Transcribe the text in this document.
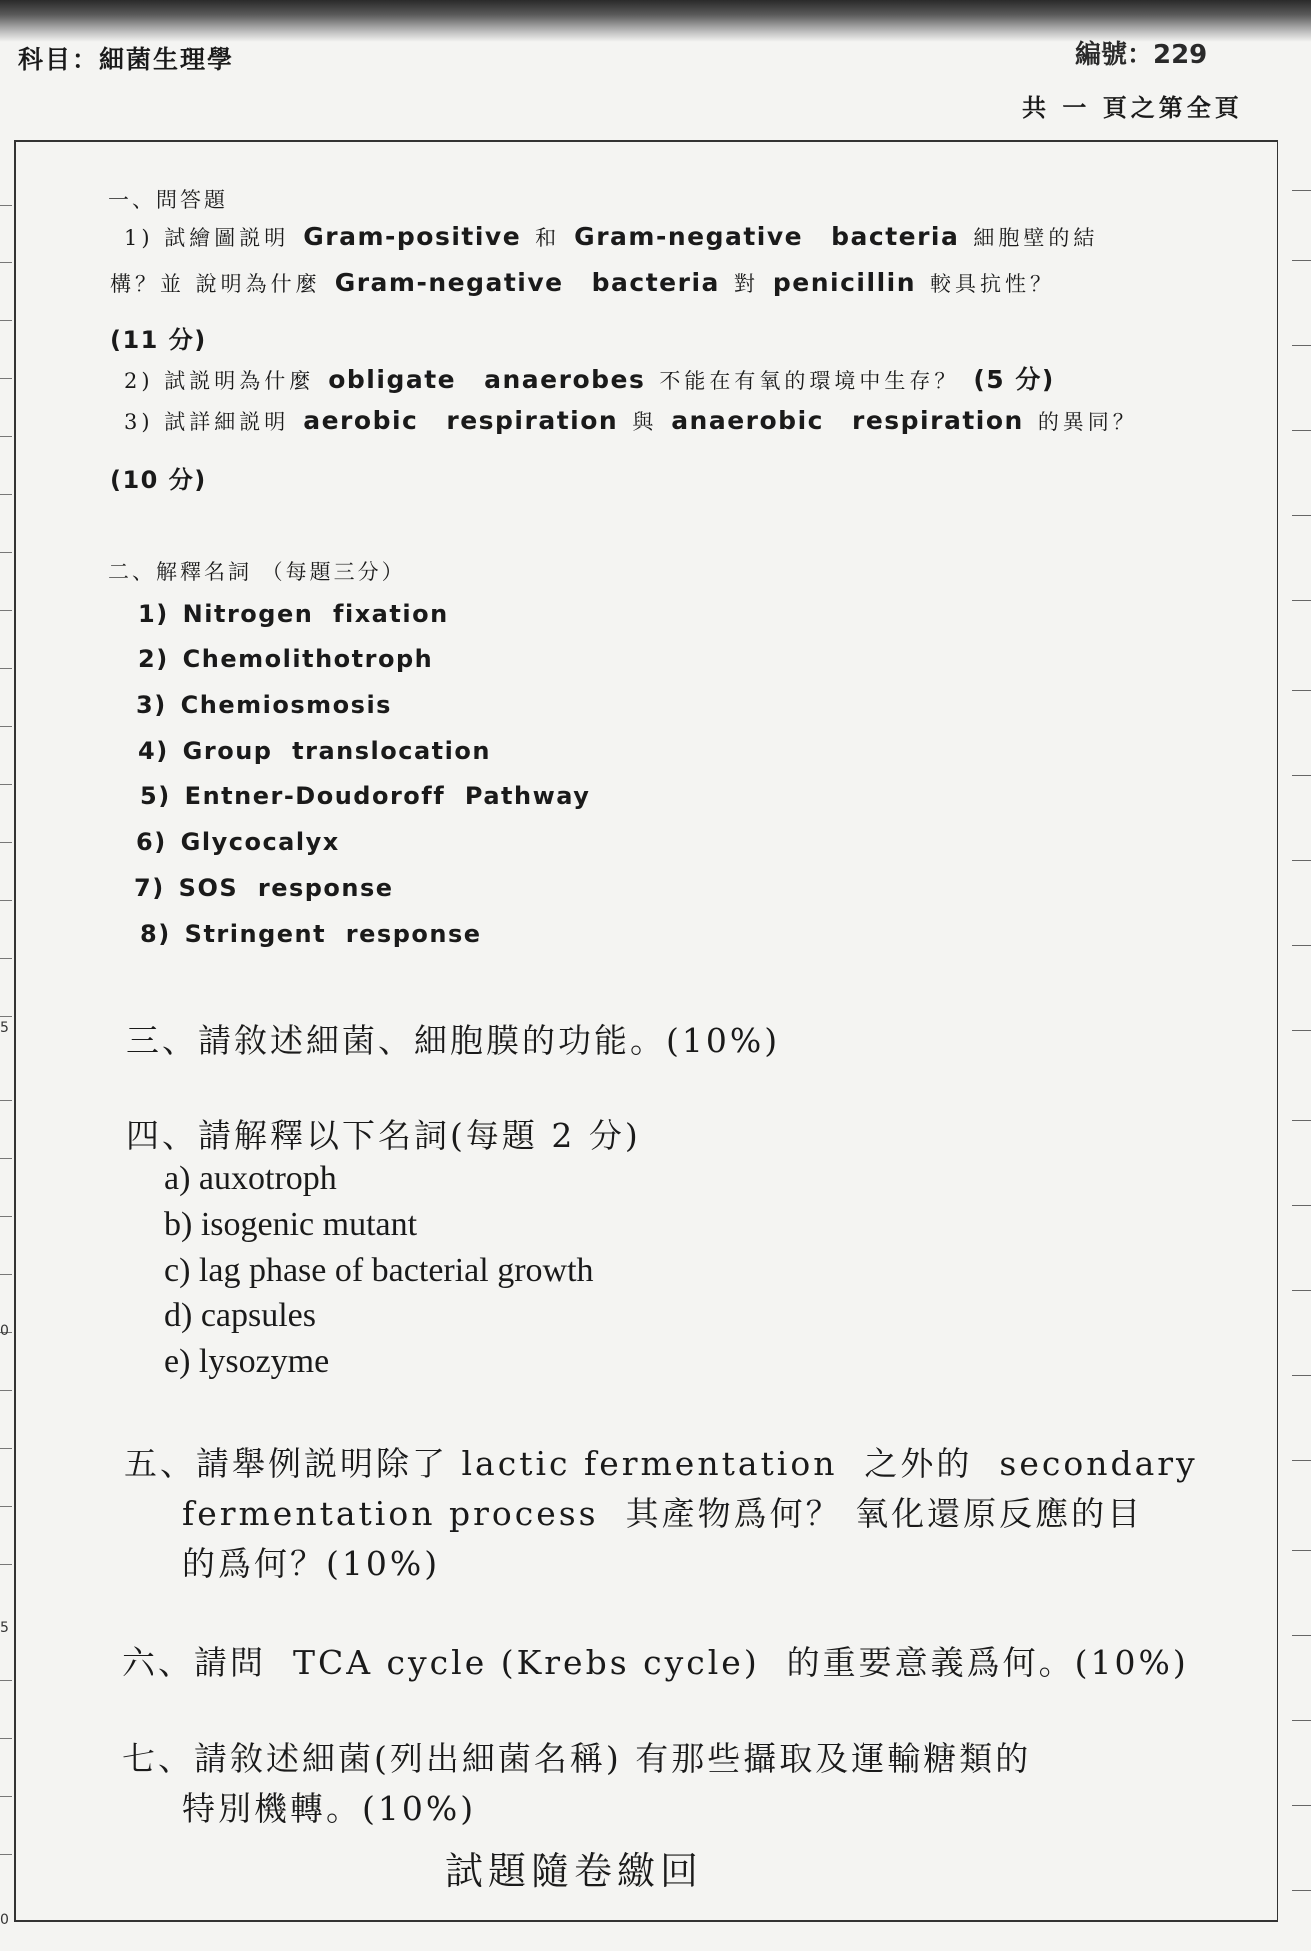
科目：細菌生理學	編號：229
共 一 頁之第全頁
5
0
5
0
一、問答題
1) 試繪圖説明 Gram-positive 和 Gram-negative bacteria 細胞壁的結
構？並 說明為什麼 Gram-negative bacteria 對 penicillin 較具抗性？
(11 分)
2) 試説明為什麼 obligate anaerobes 不能在有氧的環境中生存？ (5 分)
3) 試詳細説明 aerobic respiration 與 anaerobic respiration 的異同？
(10 分)
二、解釋名詞 （每題三分）
1) Nitrogen  fixation
2) Chemolithotroph
3) Chemiosmosis
4) Group  translocation
5) Entner-Doudoroff  Pathway
6) Glycocalyx
7) SOS  response
8) Stringent  response
三、請敘述細菌、細胞膜的功能。(10%)
四、請解釋以下名詞(每題 2 分)
a) auxotroph
b) isogenic mutant
c) lag phase of bacterial growth
d) capsules
e) lysozyme
五、請舉例説明除了 lactic fermentation  之外的  secondary
fermentation process  其產物爲何？ 氧化還原反應的目
的爲何？(10%)
六、請問  TCA cycle (Krebs cycle)  的重要意義爲何。(10%)
七、請敘述細菌(列出細菌名稱) 有那些攝取及運輸糖類的
特別機轉。(10%)
試題隨卷繳回
